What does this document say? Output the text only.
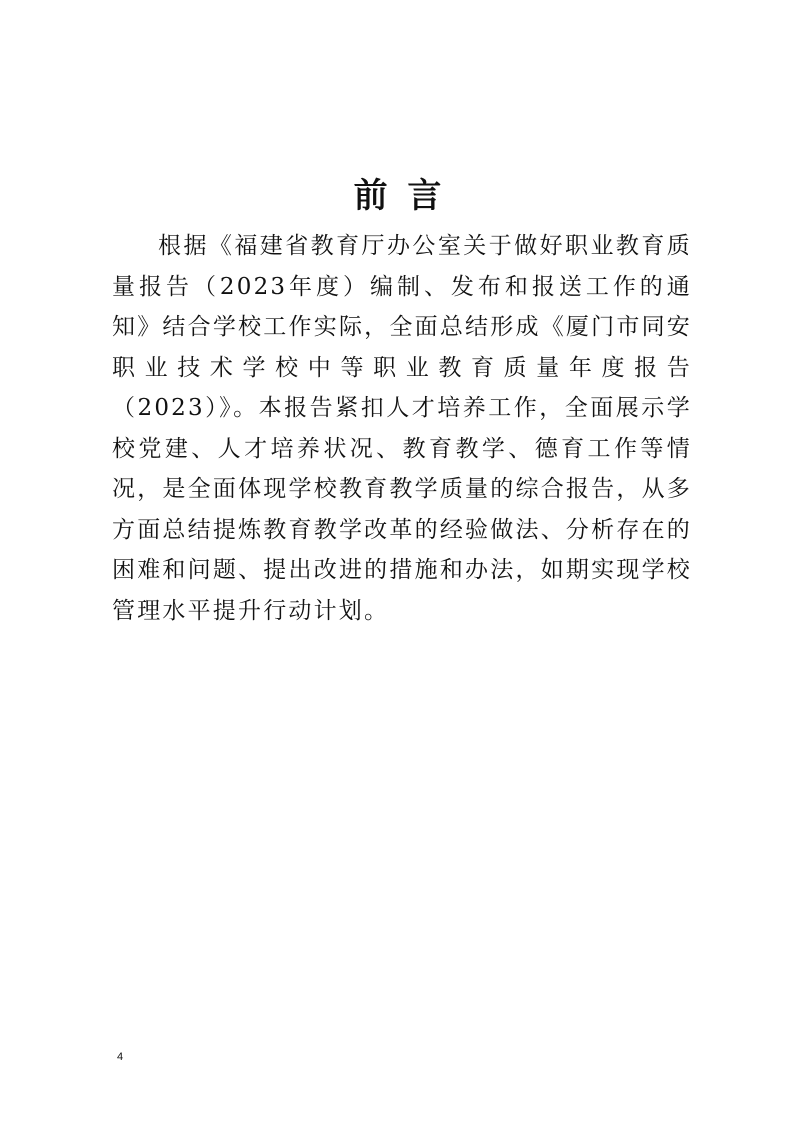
前 言

根据《福建省教育厅办公室关于做好职业教育质量报告（2023年度）编制、发布和报送工作的通知》结合学校工作实际，全面总结形成《厦门市同安职业技术学校中等职业教育质量年度报告（2023）》。本报告紧扣人才培养工作，全面展示学校党建、人才培养状况、教育教学、德育工作等情况，是全面体现学校教育教学质量的综合报告，从多方面总结提炼教育教学改革的经验做法、分析存在的困难和问题、提出改进的措施和办法，如期实现学校管理水平提升行动计划。

4
